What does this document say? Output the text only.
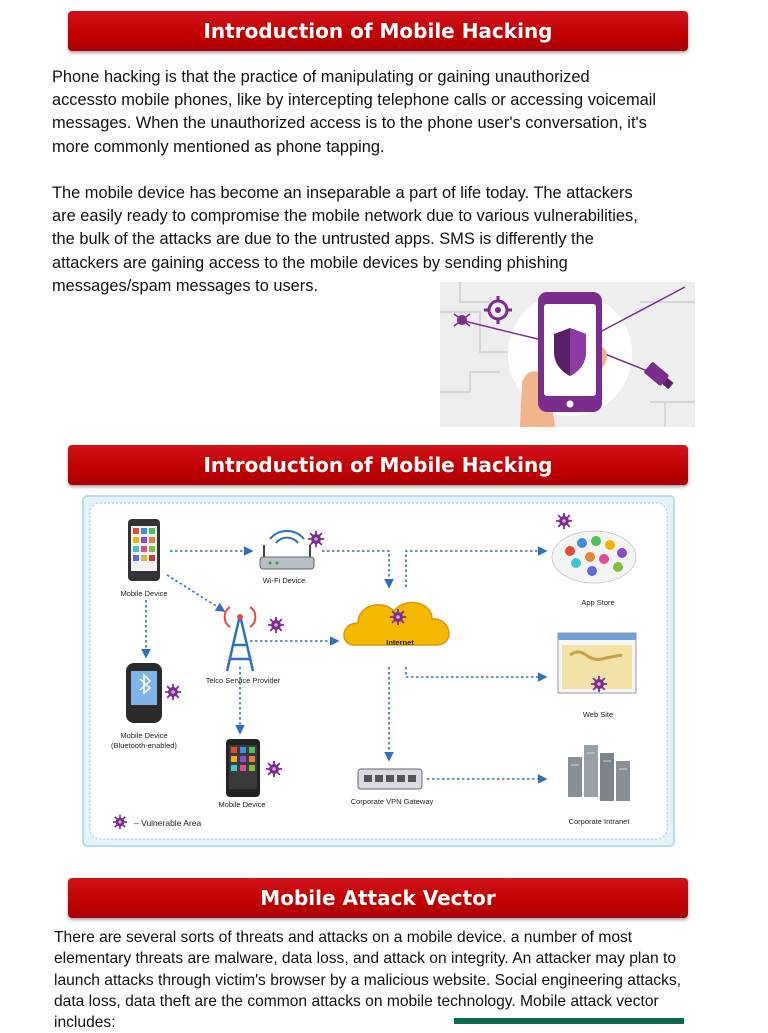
Introduction of Mobile Hacking

Phone hacking is that the practice of manipulating or gaining unauthorized
accessto mobile phones, like by intercepting telephone calls or accessing voicemail
messages. When the unauthorized access is to the phone user's conversation, it's
more commonly mentioned as phone tapping.

The mobile device has become an inseparable a part of life today. The attackers
are easily ready to compromise the mobile network due to various vulnerabilities,
the bulk of the attacks are due to the untrusted apps. SMS is differently the
attackers are gaining access to the mobile devices by sending phishing
messages/spam messages to users.

Introduction of Mobile Hacking
Mobile Device
Wi-Fi Device
Telco Service Provider
Internet
App Store
Web Site
Mobile Device
(Bluetooth-enabled)
Mobile Device	Corporate VPN Gateway
Corporate Intranet
– Vulnerable Area
Mobile Attack Vector

There are several sorts of threats and attacks on a mobile device. a number of most
elementary threats are malware, data loss, and attack on integrity. An attacker may plan to
launch attacks through victim's browser by a malicious website. Social engineering attacks,
data loss, data theft are the common attacks on mobile technology. Mobile attack vector
includes:
